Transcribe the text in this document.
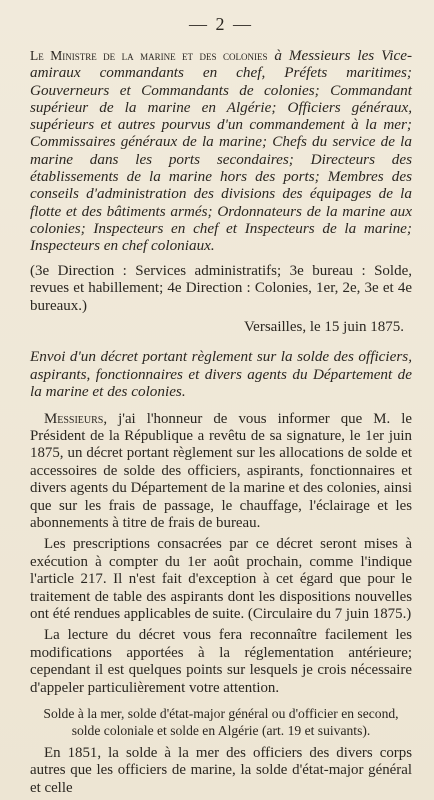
— 2 —

Le Ministre de la marine et des colonies à Messieurs les Vice-amiraux commandants en chef, Préfets maritimes; Gouverneurs et Commandants de colonies; Commandant supérieur de la marine en Algérie; Officiers généraux, supérieurs et autres pourvus d'un commandement à la mer; Commissaires généraux de la marine; Chefs du service de la marine dans les ports secondaires; Directeurs des établissements de la marine hors des ports; Membres des conseils d'administration des divisions des équipages de la flotte et des bâtiments armés; Ordonnateurs de la marine aux colonies; Inspecteurs en chef et Inspecteurs de la marine; Inspecteurs en chef coloniaux.

(3e Direction : Services administratifs; 3e bureau : Solde, revues et habillement; 4e Direction : Colonies, 1er, 2e, 3e et 4e bureaux.)

Versailles, le 15 juin 1875.

Envoi d'un décret portant règlement sur la solde des officiers, aspirants, fonctionnaires et divers agents du Département de la marine et des colonies.

Messieurs, j'ai l'honneur de vous informer que M. le Président de la République a revêtu de sa signature, le 1er juin 1875, un décret portant règlement sur les allocations de solde et accessoires de solde des officiers, aspirants, fonctionnaires et divers agents du Département de la marine et des colonies, ainsi que sur les frais de passage, le chauffage, l'éclairage et les abonnements à titre de frais de bureau.

Les prescriptions consacrées par ce décret seront mises à exécution à compter du 1er août prochain, comme l'indique l'article 217. Il n'est fait d'exception à cet égard que pour le traitement de table des aspirants dont les dispositions nouvelles ont été rendues applicables de suite. (Circulaire du 7 juin 1875.)

La lecture du décret vous fera reconnaître facilement les modifications apportées à la réglementation antérieure; cependant il est quelques points sur lesquels je crois nécessaire d'appeler particulièrement votre attention.

Solde à la mer, solde d'état-major général ou d'officier en second, solde coloniale et solde en Algérie (art. 19 et suivants).

En 1851, la solde à la mer des officiers des divers corps autres que les officiers de marine, la solde d'état-major général et celle
